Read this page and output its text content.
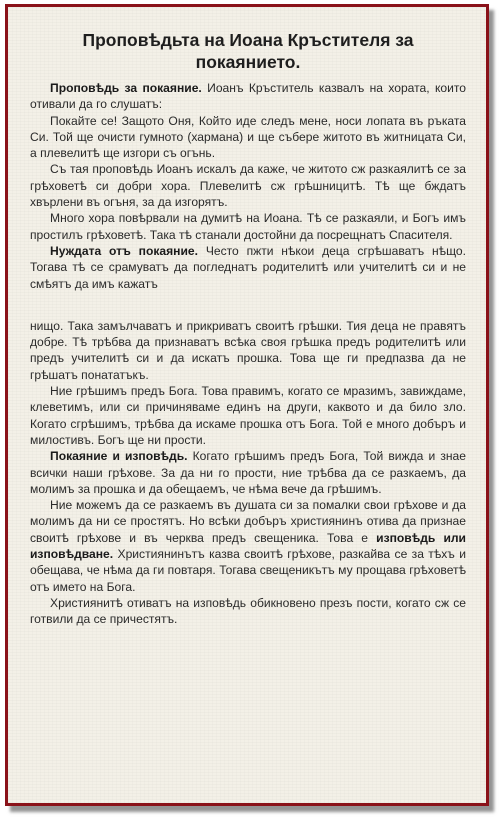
Проповѣдьта на Иоана Кръстителя за покаянието.

Проповѣдь за покаяние. Иоанъ Кръститель казвалъ на хората, които отивали да го слушатъ:

Покайте се! Защото Оня, Който иде следъ мене, носи лопата въ ръката Си. Той ще очисти гумното (харманa) и ще събере житото въ житницата Си, а плевелитѣ ще изгори съ огънь.

Съ тая проповѣдь Иоанъ искалъ да каже, че житото сж разкаялитѣ се за грѣховетѣ си добри хора. Плевелитѣ сж грѣшницитѣ. Тѣ ще бждатъ хвърлени въ огъня, за да изгорятъ.

Много хора повѣрвали на думитѣ на Иоана. Тѣ се разкаяли, и Богъ имъ простилъ грѣховетѣ. Така тѣ станали достойни да посрещнатъ Спасителя.

Нуждата отъ покаяние. Често пжти нѣкои деца сгрѣшаватъ нѣщо. Тогава тѣ се срамуватъ да погледнатъ родителитѣ или учителитѣ си и не смѣятъ да имъ кажатъ

нищо. Така замълчаватъ и прикриватъ своитѣ грѣшки. Тия деца не правятъ добре. Тѣ трѣбва да признаватъ всѣка своя грѣшка предъ родителитѣ или предъ учителитѣ си и да искатъ прошка. Това ще ги предпазва да не грѣшатъ понататъкъ.

Ние грѣшимъ предъ Бога. Това правимъ, когато се мразимъ, завиждаме, клеветимъ, или си причиняваме единъ на други, каквото и да било зло. Когато сгрѣшимъ, трѣбва да искаме прошка отъ Бога. Той е много добъръ и милостивъ. Богъ ще ни прости.

Покаяние и изповѣдь. Когато грѣшимъ предъ Бога, Той вижда и знае всички наши грѣхове. За да ни го прости, ние трѣбва да се разкаемъ, да молимъ за прошка и да обещаемъ, че нѣма вече да грѣшимъ.

Ние можемъ да се разкаемъ въ душата си за помалки свои грѣхове и да молимъ да ни се простятъ. Но всѣки добъръ християнинъ отива да признае своитѣ грѣхове и въ черква предъ свещеника. Това е изповѣдь или изповѣдване. Християнинътъ казва своитѣ грѣхове, разкайва се за тѣхъ и обещава, че нѣма да ги повтаря. Тогава свещеникътъ му прощава грѣховетѣ отъ името на Бога.

Християнитѣ отиватъ на изповѣдь обикновено презъ пости, когато сж се готвили да се причестятъ.
